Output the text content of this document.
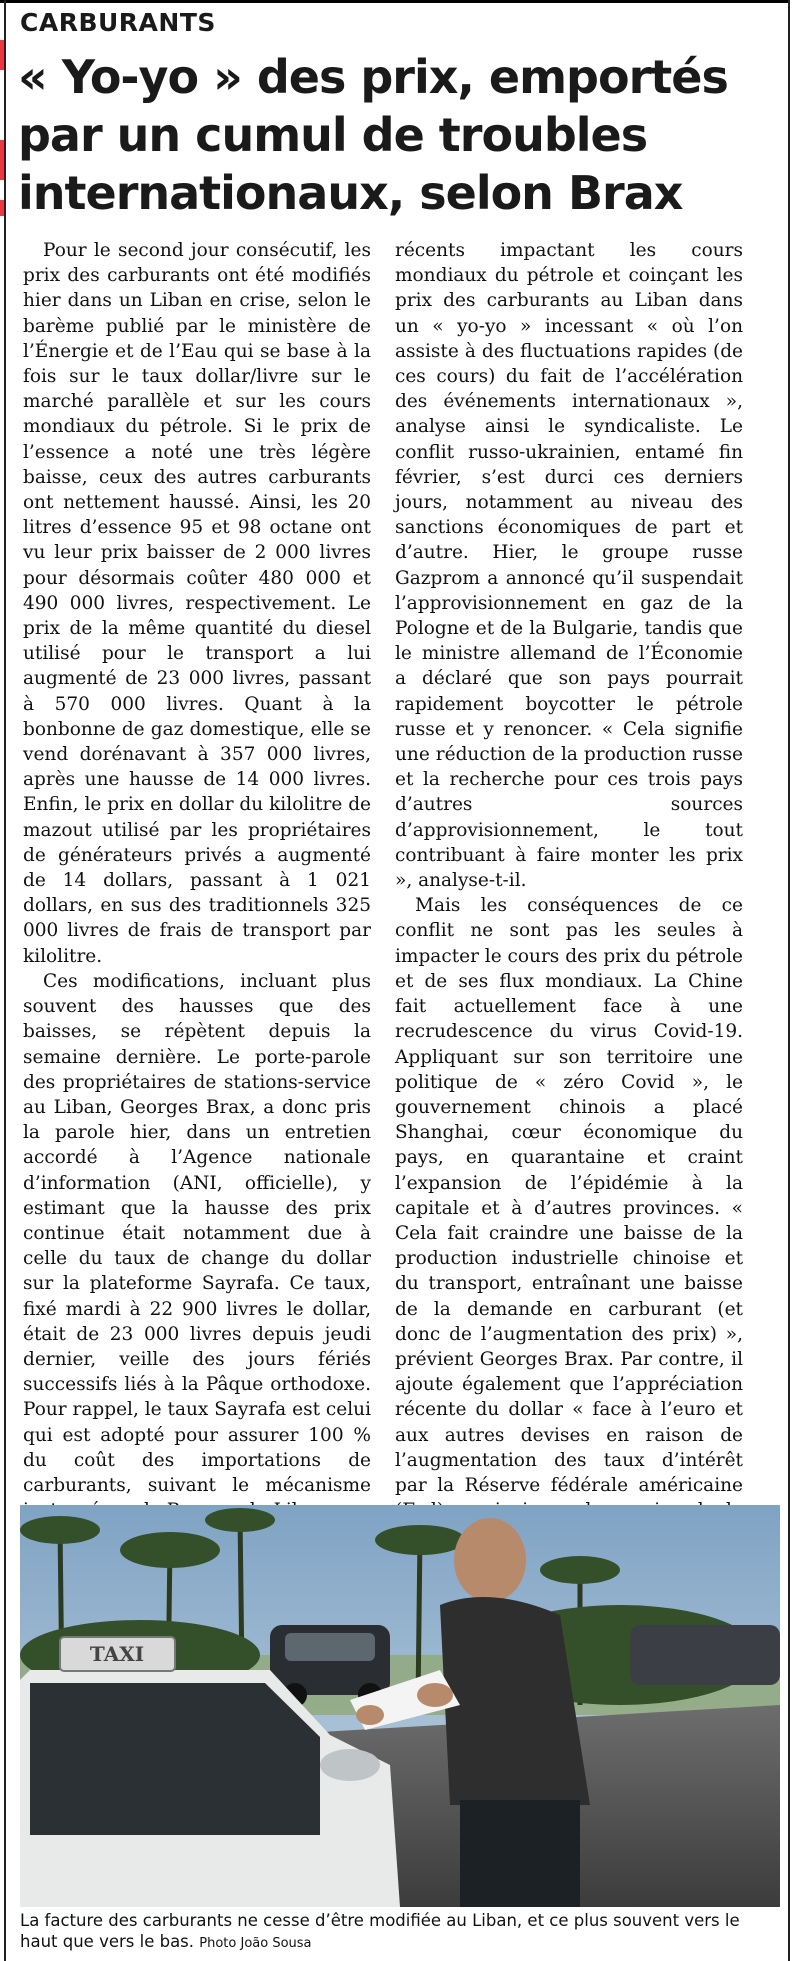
CARBURANTS
« Yo-yo » des prix, emportés par un cumul de troubles internationaux, selon Brax

Pour le second jour consécutif, les prix des carburants ont été modifiés hier dans un Liban en crise, selon le barème publié par le ministère de l’Énergie et de l’Eau qui se base à la fois sur le taux dollar/livre sur le marché parallèle et sur les cours mondiaux du pétrole. Si le prix de l’essence a noté une très légère baisse, ceux des autres carburants ont nettement haussé. Ainsi, les 20 litres d’essence 95 et 98 octane ont vu leur prix baisser de 2 000 livres pour désormais coûter 480 000 et 490 000 livres, respectivement. Le prix de la même quantité du diesel utilisé pour le transport a lui augmenté de 23 000 livres, passant à 570 000 livres. Quant à la bonbonne de gaz domestique, elle se vend dorénavant à 357 000 livres, après une hausse de 14 000 livres. Enfin, le prix en dollar du kilolitre de mazout utilisé par les propriétaires de générateurs privés a augmenté de 14 dollars, passant à 1 021 dollars, en sus des traditionnels 325 000 livres de frais de transport par kilolitre.

Ces modifications, incluant plus souvent des hausses que des baisses, se répètent depuis la semaine dernière. Le porte-parole des propriétaires de stations-service au Liban, Georges Brax, a donc pris la parole hier, dans un entretien accordé à l’Agence nationale d’information (ANI, officielle), y estimant que la hausse des prix continue était notamment due à celle du taux de change du dollar sur la plateforme Sayrafa. Ce taux, fixé mardi à 22 900 livres le dollar, était de 23 000 livres depuis jeudi dernier, veille des jours fériés successifs liés à la Pâque orthodoxe. Pour rappel, le taux Sayrafa est celui qui est adopté pour assurer 100 % du coût des importations de carburants, suivant le mécanisme

récents impactant les cours mondiaux du pétrole et coinçant les prix des carburants au Liban dans un « yo-yo » incessant « où l’on assiste à des fluctuations rapides (de ces cours) du fait de l’accélération des événements internationaux », analyse ainsi le syndicaliste. Le conflit russo-ukrainien, entamé fin février, s’est durci ces derniers jours, notamment au niveau des sanctions économiques de part et d’autre. Hier, le groupe russe Gazprom a annoncé qu’il suspendait l’approvisionnement en gaz de la Pologne et de la Bulgarie, tandis que le ministre allemand de l’Économie a déclaré que son pays pourrait rapidement boycotter le pétrole russe et y renoncer. « Cela signifie une réduction de la production russe et la recherche pour ces trois pays d’autres sources d’approvisionnement, le tout contribuant à faire monter les prix », analyse-t-il.

Mais les conséquences de ce conflit ne sont pas les seules à impacter le cours des prix du pétrole et de ses flux mondiaux. La Chine fait actuellement face à une recrudescence du virus Covid-19. Appliquant sur son territoire une politique de « zéro Covid », le gouvernement chinois a placé Shanghai, cœur économique du pays, en quarantaine et craint l’expansion de l’épidémie à la capitale et à d’autres provinces. « Cela fait craindre une baisse de la production industrielle chinoise et du transport, entraînant une baisse de la demande en carburant (et donc de l’augmentation des prix) », prévient Georges Brax. Par contre, il ajoute également que l’appréciation récente du dollar « face à l’euro et aux autres devises en raison de l’augmentation des taux d’intérêt par la Réserve fédérale américaine

TAXI
La facture des carburants ne cesse d’être modifiée au Liban, et ce plus souvent vers le haut que vers le bas. Photo João Sousa
